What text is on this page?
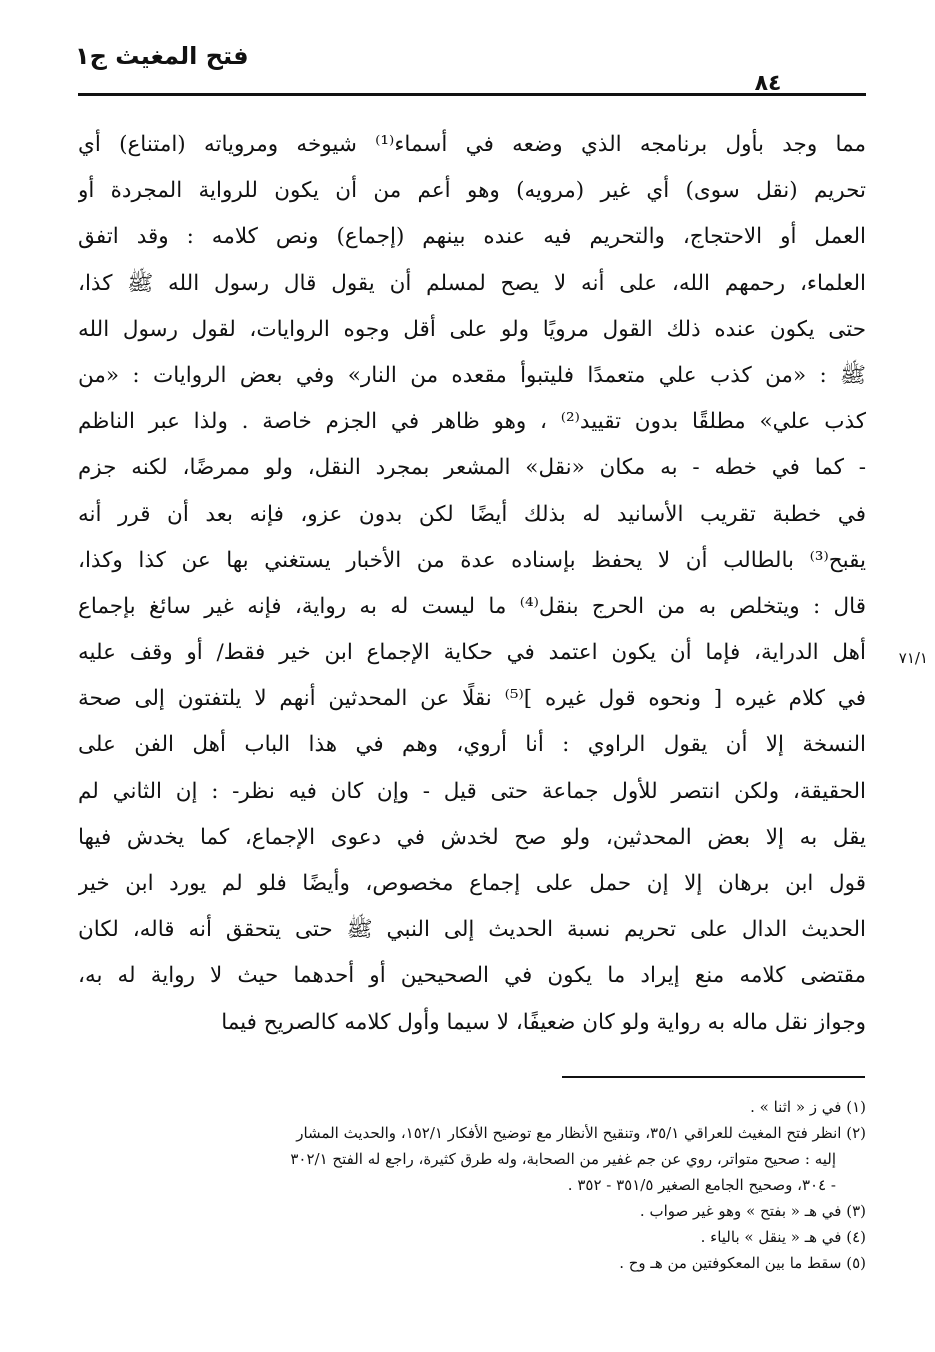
فتح المغيث ج١
٨٤
٧١/١
مما وجد بأول برنامجه الذي وضعه في أسماء⁽¹⁾ شيوخه ومروياته (امتناع) أي
تحريم (نقل سوى) أي غير (مرويه) وهو أعم من أن يكون للرواية المجردة أو
العمل أو الاحتجاج، والتحريم فيه عنده بينهم (إجماع) ونص كلامه : وقد اتفق
العلماء، رحمهم الله، على أنه لا يصح لمسلم أن يقول قال رسول الله ﷺ كذا،
حتى يكون عنده ذلك القول مرويًا ولو على أقل وجوه الروايات، لقول رسول الله
ﷺ : «من كذب علي متعمدًا فليتبوأ مقعده من النار» وفي بعض الروايات : «من
كذب علي» مطلقًا بدون تقييد⁽²⁾ ، وهو ظاهر في الجزم خاصة . ولذا عبر الناظم
- كما في خطه - به مكان «نقل» المشعر بمجرد النقل، ولو ممرضًا، لكنه جزم
في خطبة تقريب الأسانيد له بذلك أيضًا لكن بدون عزو، فإنه بعد أن قرر أنه
يقبح⁽³⁾ بالطالب أن لا يحفظ بإسناده عدة من الأخبار يستغني بها عن كذا وكذا،
قال : ويتخلص به من الحرج بنقل⁽⁴⁾ ما ليست له به رواية، فإنه غير سائغ بإجماع
أهل الدراية، فإما أن يكون اعتمد في حكاية الإجماع ابن خير فقط/ أو وقف عليه
في كلام غيره [ ونحوه قول غيره ]⁽⁵⁾ نقلًا عن المحدثين أنهم لا يلتفتون إلى صحة
النسخة إلا أن يقول الراوي : أنا أروي، وهم في هذا الباب أهل الفن على
الحقيقة، ولكن انتصر للأول جماعة حتى قيل - وإن كان فيه نظر- : إن الثاني لم
يقل به إلا بعض المحدثين، ولو صح لخدش في دعوى الإجماع، كما يخدش فيها
قول ابن برهان إلا إن حمل على إجماع مخصوص، وأيضًا فلو لم يورد ابن خير
الحديث الدال على تحريم نسبة الحديث إلى النبي ﷺ حتى يتحقق أنه قاله، لكان
مقتضى كلامه منع إيراد ما يكون في الصحيحين أو أحدهما حيث لا رواية له به،
وجواز نقل ماله به رواية ولو كان ضعيفًا، لا سيما وأول كلامه كالصريح فيما
(١) في ز « اثنا » .
(٢) انظر فتح المغيث للعراقي ٣٥/١، وتنقيح الأنظار مع توضيح الأفكار ١٥٢/١، والحديث المشار
إليه : صحيح متواتر، روي عن جم غفير من الصحابة، وله طرق كثيرة، راجع له الفتح ٣٠٢/١
- ٣٠٤، وصحيح الجامع الصغير ٣٥١/٥ - ٣٥٢ .
(٣) في هـ « بفتح » وهو غير صواب .
(٤) في هـ « ينقل » بالياء .
(٥) سقط ما بين المعكوفتين من هـ وح .
